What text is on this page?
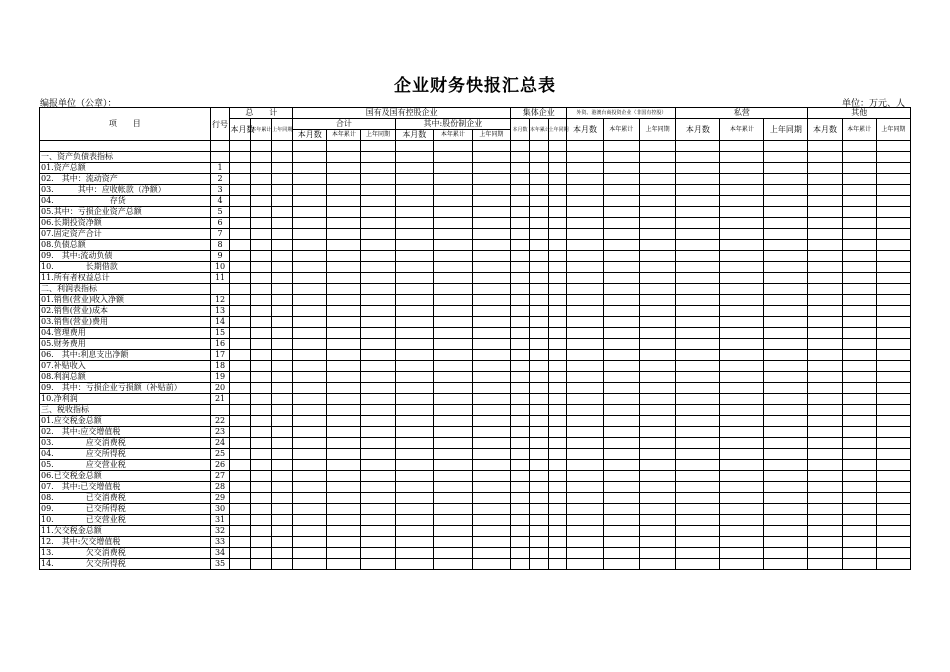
企业财务快报汇总表
编报单位（公章）：	单位：万元、人
项　　目	行号	总　　计			国有及国有控股企业						集体企业			外资、港澳台商投资企业（非国有控股）			私营			其他		
		本月数	本年累计	上年同期	合计			其中:股份制企业			本月数	本年累计	上年同期	本月数	本年累计	上年同期	本月数	本年累计	上年同期	本月数	本年累计	上年同期
					本月数	本年累计	上年同期	本月数	本年累计	上年同期												

一、资产负债表指标																						
01.资产总额	1																					
02.　其中：流动资产	2																					
03.　　　其中：应收帐款（净额）	3																					
04.　　　　　　　存货	4																					
05.其中：亏损企业资产总额	5																					
06.长期投资净额	6																					
07.固定资产合计	7																					
08.负债总额	8																					
09.　其中:流动负债	9																					
10.　　　　长期借款	10																					
11.所有者权益总计	11																					
二、利润表指标																						
01.销售(营业)收入净额	12																					
02.销售(营业)成本	13																					
03.销售(营业)费用	14																					
04.管理费用	15																					
05.财务费用	16																					
06.　其中:利息支出净额	17																					
07.补贴收入	18																					
08.利润总额	19																					
09.　其中：亏损企业亏损额（补贴前）	20																					
10.净利润	21																					
三、税收指标																						
01.应交税金总额	22																					
02.　其中:应交增值税	23																					
03.　　　　应交消费税	24																					
04.　　　　应交所得税	25																					
05.　　　　应交营业税	26																					
06.已交税金总额	27																					
07.　其中:已交增值税	28																					
08.　　　　已交消费税	29																					
09.　　　　已交所得税	30																					
10.　　　　已交营业税	31																					
11.欠交税金总额	32																					
12.　其中:欠交增值税	33																					
13.　　　　欠交消费税	34																					
14.　　　　欠交所得税	35																					
